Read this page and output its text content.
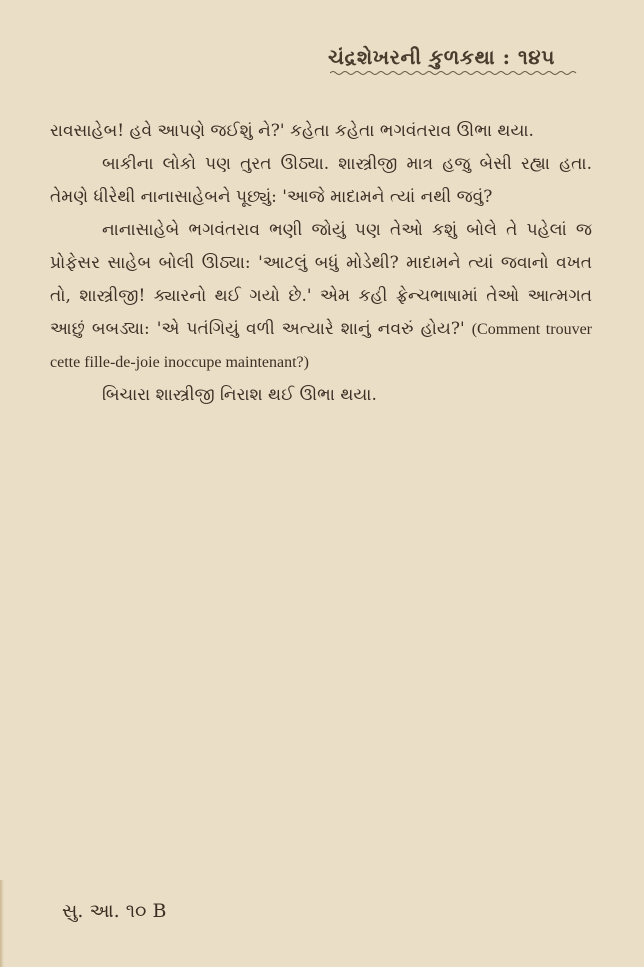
ચંદ્રશેખરની કુળકથા : ૧૪૫

રાવસાહેબ! હવે આપણે જઈશું ને?' કહેતા કહેતા ભગવંતરાવ ઊભા થયા.

બાકીના લોકો પણ તુરત ઊઠ્યા. શાસ્ત્રીજી માત્ર હજુ બેસી રહ્યા હતા. તેમણે ધીરેથી નાનાસાહેબને પૂછ્યું: 'આજે માદામને ત્યાં નથી જવું?

નાનાસાહેબે ભગવંતરાવ ભણી જોયું પણ તેઓ કશું બોલે તે પહેલાં જ પ્રોફેસર સાહેબ બોલી ઊઠ્યા: 'આટલું બધું મોડેથી? માદામને ત્યાં જવાનો વખત તો, શાસ્ત્રીજી! ક્યારનો થઈ ગયો છે.' એમ કહી ફ્રેન્ચભાષામાં તેઓ આત્મગત આછું બબડ્યા: 'એ પતંગિયું વળી અત્યારે શાનું નવરું હોય?' (Comment trouver cette fille-de-joie inoccupe maintenant?)

બિચારા શાસ્ત્રીજી નિરાશ થઈ ઊભા થયા.

સુ. આ. ૧૦ B
